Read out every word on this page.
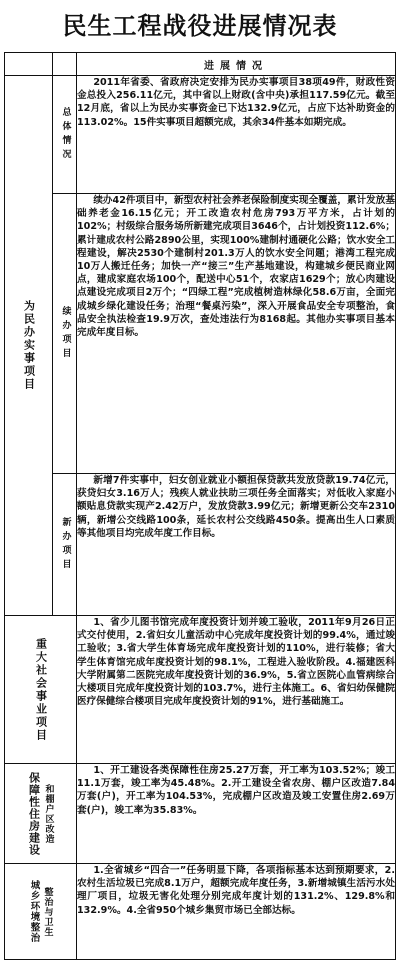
民生工程战役进展情况表
		进展情况
为民办实事项目	总体情况	2011年省委、省政府决定安排为民办实事项目38项49件，财政性资金总投入256.11亿元，其中省以上财政(含中央)承担117.59亿元。截至12月底，省以上为民办实事资金已下达132.9亿元，占应下达补助资金的113.02%。15件实事项目超额完成，其余34件基本如期完成。
	续办项目	续办42件项目中，新型农村社会养老保险制度实现全覆盖，累计发放基础养老金16.15亿元；开工改造农村危房793万平方米，占计划的102%；村级综合服务场所新建完成项目3646个，占计划投资112.6%；累计建成农村公路2890公里，实现100%建制村通硬化公路；饮水安全工程建设，解决2530个建制村201.3万人的饮水安全问题；港湾工程完成10万人搬迁任务；加快一产“接三”生产基地建设，构建城乡便民商业网点，建成家庭农场100个，配送中心51个，农家店1629个；放心肉建设点建设完成项目2万个；“四绿工程”完成植树造林绿化58.6万亩，全面完成城乡绿化建设任务；治理“餐桌污染”，深入开展食品安全专项整治，食品安全执法检查19.9万次，查处违法行为8168起。其他办实事项目基本完成年度目标。
	新办项目	新增7件实事中，妇女创业就业小额担保贷款共发放贷款19.74亿元，获贷妇女3.16万人；残疾人就业扶助三项任务全面落实；对低收入家庭小额贴息贷款实现产2.42万户，发放贷款3.99亿元；新增更新公交车2310辆，新增公交线路100条，延长农村公交线路450条。提高出生人口素质等其他项目均完成年度工作目标。
重大社会事业项目		1、省少儿图书馆完成年度投资计划并竣工验收，2011年9月26日正式交付使用，2.省妇女儿童活动中心完成年度投资计划的99.4%，通过竣工验收；3.省大学生体育场完成年度投资计划的110%，进行装修；省大学生体育馆完成年度投资计划的98.1%，工程进入验收阶段。4.福建医科大学附属第二医院完成年度投资计划的36.9%，5.省立医院心血管病综合大楼项目完成年度投资计划的103.7%，进行主体施工。6、省妇幼保健院医疗保健综合楼项目完成年度投资计划的91%，进行基础施工。

保障性住房建设 和棚户区改造		1、开工建设各类保障性住房25.27万套，开工率为103.52%；竣工11.1万套，竣工率为45.48%。2.开工建设全省农房、棚户区改造7.84万套(户)，开工率为104.53%，完成棚户区改造及竣工安置住房2.69万套(户)，竣工率为35.83%。

城乡环境整治 整治与卫生		1.全省城乡“四合一”任务明显下降，各项指标基本达到预期要求，2.农村生活垃圾已完成8.1万户，超额完成年度任务，3.新增城镇生活污水处理厂项目，垃圾无害化处理分别完成年度计划的131.2%、129.8%和132.9%。4.全省950个城乡集贸市场已全部达标。
